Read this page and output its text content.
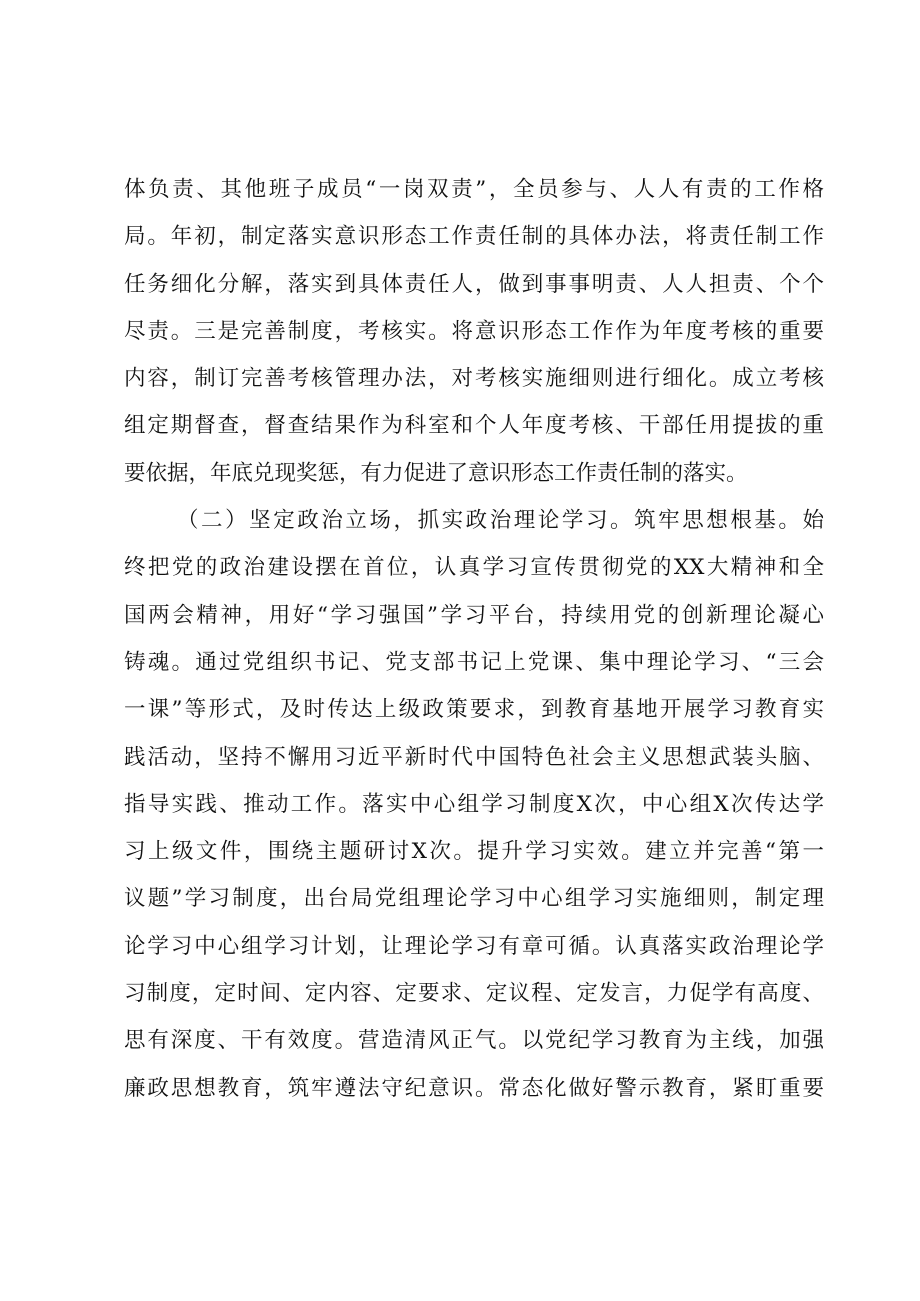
体负责、其他班子成员“一岗双责”，全员参与、人人有责的工作格
局。年初，制定落实意识形态工作责任制的具体办法，将责任制工作
任务细化分解，落实到具体责任人，做到事事明责、人人担责、个个
尽责。三是完善制度，考核实。将意识形态工作作为年度考核的重要
内容，制订完善考核管理办法，对考核实施细则进行细化。成立考核
组定期督查，督查结果作为科室和个人年度考核、干部任用提拔的重
要依据，年底兑现奖惩，有力促进了意识形态工作责任制的落实。
（二）坚定政治立场，抓实政治理论学习。筑牢思想根基。始
终把党的政治建设摆在首位，认真学习宣传贯彻党的XX大精神和全
国两会精神，用好“学习强国”学习平台，持续用党的创新理论凝心
铸魂。通过党组织书记、党支部书记上党课、集中理论学习、“三会
一课”等形式，及时传达上级政策要求，到教育基地开展学习教育实
践活动，坚持不懈用习近平新时代中国特色社会主义思想武装头脑、
指导实践、推动工作。落实中心组学习制度X次，中心组X次传达学
习上级文件，围绕主题研讨X次。提升学习实效。建立并完善“第一
议题”学习制度，出台局党组理论学习中心组学习实施细则，制定理
论学习中心组学习计划，让理论学习有章可循。认真落实政治理论学
习制度，定时间、定内容、定要求、定议程、定发言，力促学有高度、
思有深度、干有效度。营造清风正气。以党纪学习教育为主线，加强
廉政思想教育，筑牢遵法守纪意识。常态化做好警示教育，紧盯重要
